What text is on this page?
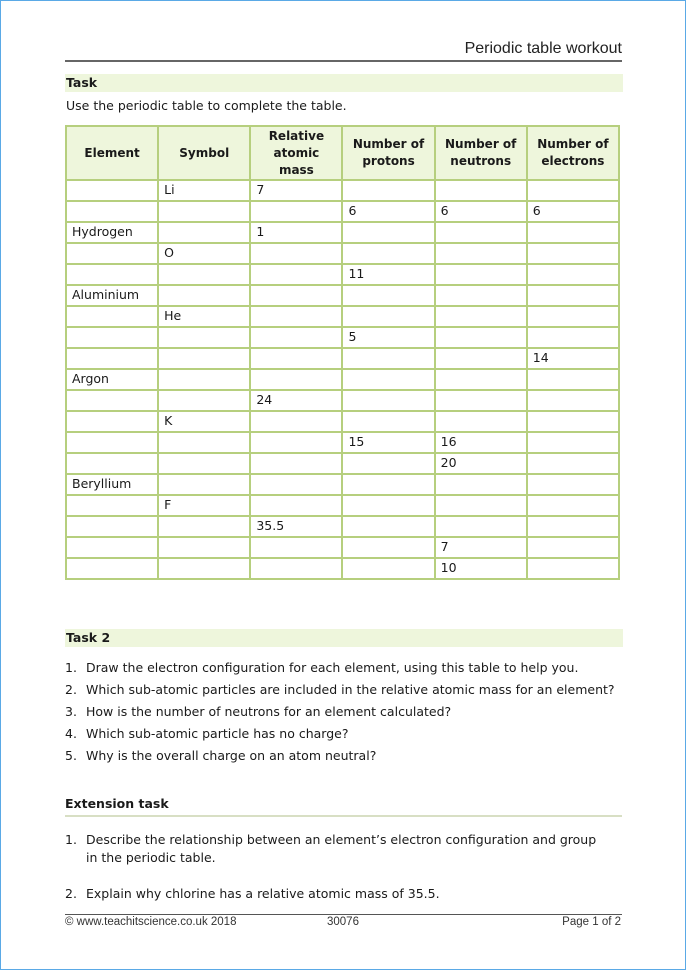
Periodic table workout
Task
Use the periodic table to complete the table.
Element	Symbol	Relative atomic mass	Number of protons	Number of neutrons	Number of electrons
	Li	7			
			6	6	6
Hydrogen		1			
	O				
			11		
Aluminium					
	He				
			5		
					14
Argon					
		24			
	K				
			15	16	
				20	
Beryllium					
	F				
		35.5			
				7	
				10	
Task 2
1. Draw the electron configuration for each element, using this table to help you.
2. Which sub-atomic particles are included in the relative atomic mass for an element?
3. How is the number of neutrons for an element calculated?
4. Which sub-atomic particle has no charge?
5. Why is the overall charge on an atom neutral?
Extension task
1. Describe the relationship between an element’s electron configuration and group in the periodic table.
2. Explain why chlorine has a relative atomic mass of 35.5.
© www.teachitscience.co.uk 2018	30076	Page 1 of 2
